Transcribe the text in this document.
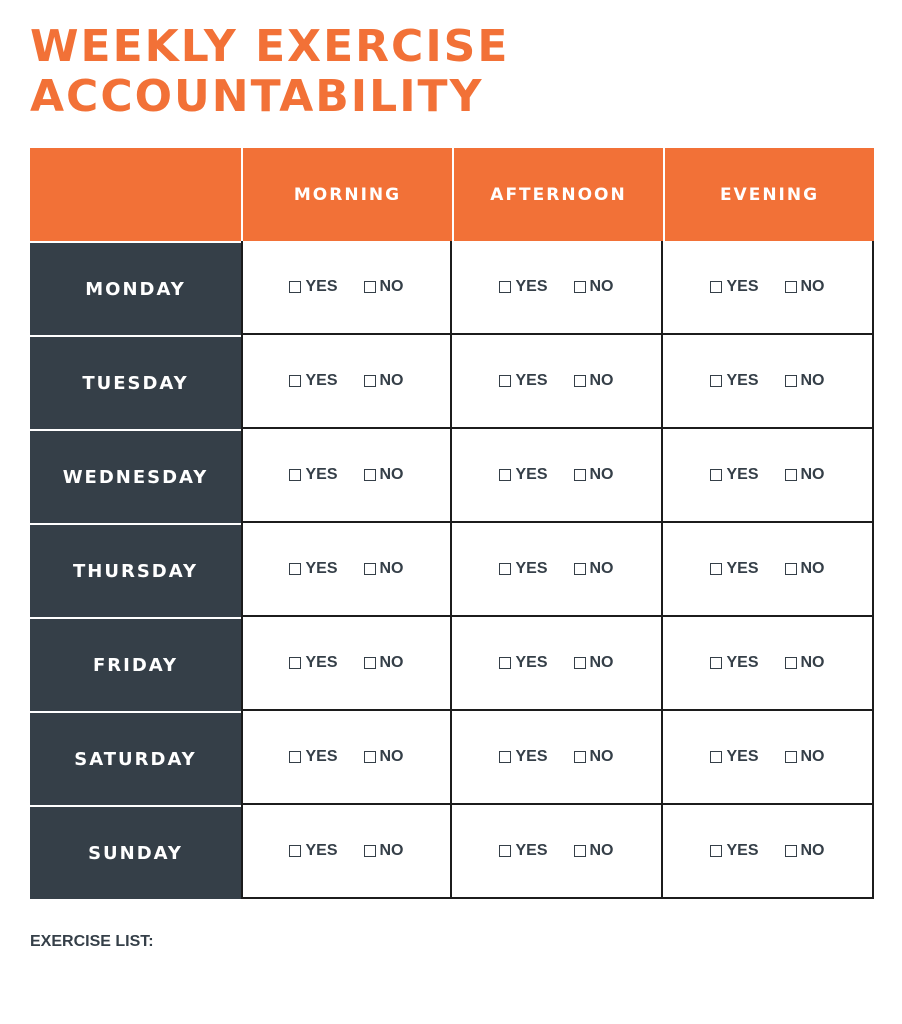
WEEKLY EXERCISE
ACCOUNTABILITY
MORNING	AFTERNOON	EVENING
MONDAY	YES	NO	YES	NO	YES	NO
TUESDAY	YES	NO	YES	NO	YES	NO
WEDNESDAY	YES	NO	YES	NO	YES	NO
THURSDAY	YES	NO	YES	NO	YES	NO
FRIDAY	YES	NO	YES	NO	YES	NO
SATURDAY	YES	NO	YES	NO	YES	NO
SUNDAY	YES	NO	YES	NO	YES	NO
EXERCISE LIST:
